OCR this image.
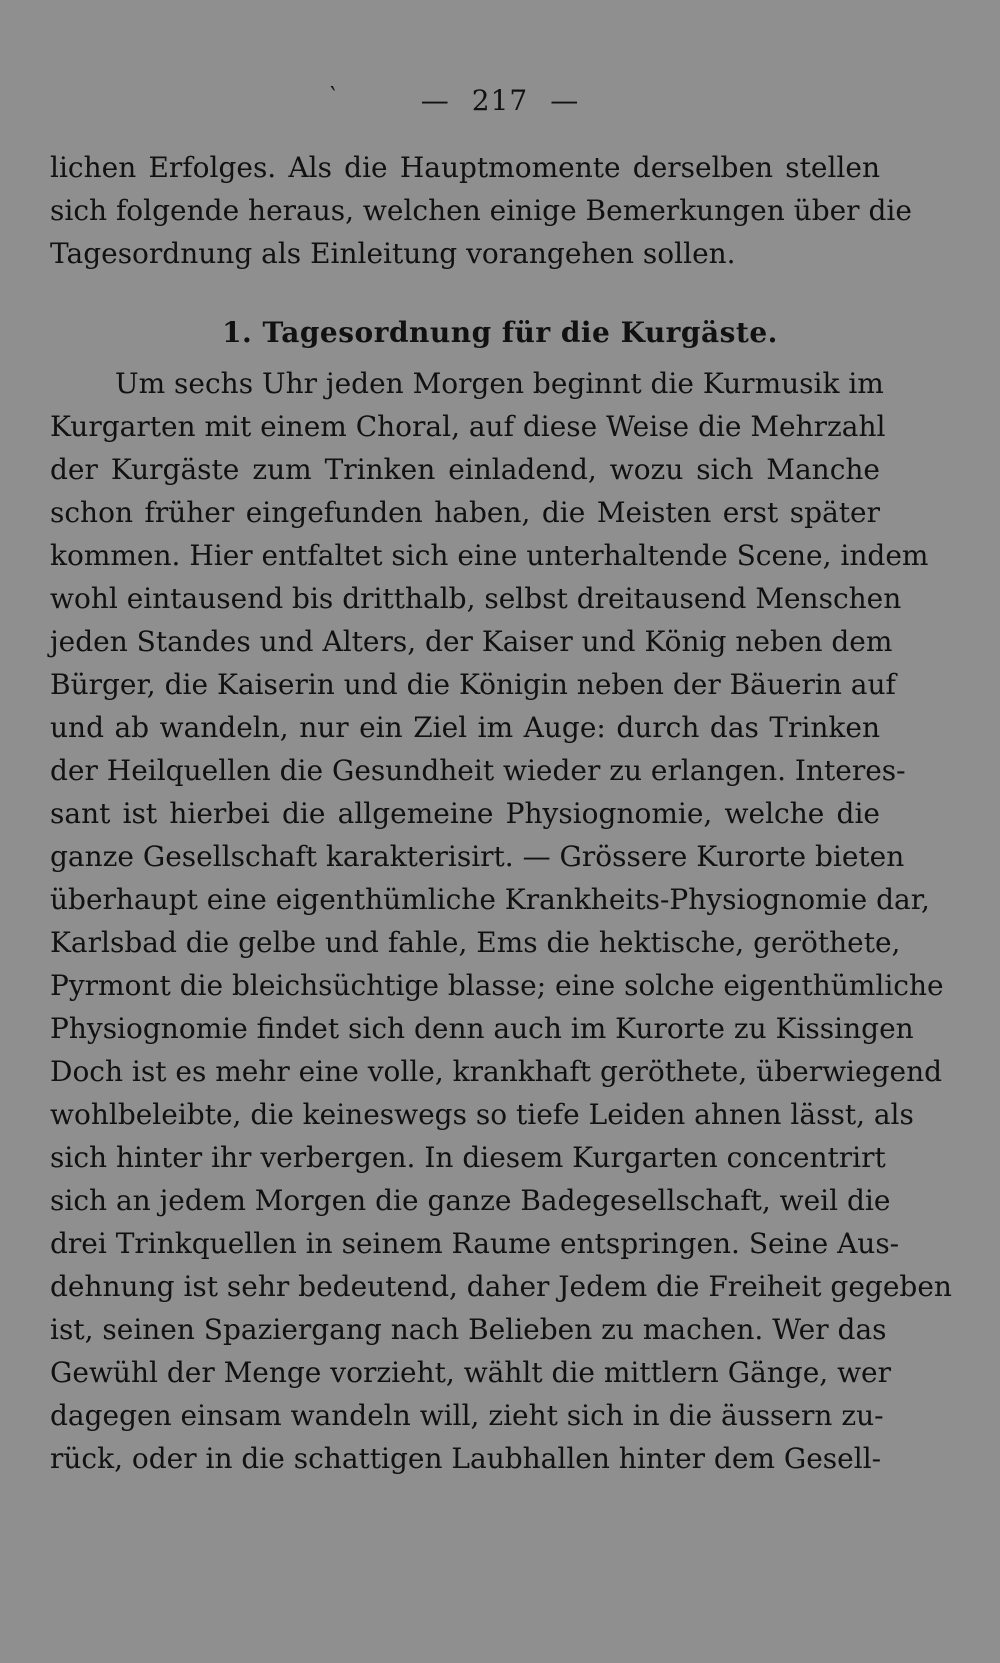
‵	— 217 —
lichen Erfolges. Als die Hauptmomente derselben stellen
sich folgende heraus, welchen einige Bemerkungen über die
Tagesordnung als Einleitung vorangehen sollen.
1. Tagesordnung für die Kurgäste.
Um sechs Uhr jeden Morgen beginnt die Kurmusik im
Kurgarten mit einem Choral, auf diese Weise die Mehrzahl
der Kurgäste zum Trinken einladend, wozu sich Manche
schon früher eingefunden haben, die Meisten erst später
kommen. Hier entfaltet sich eine unterhaltende Scene, indem
wohl eintausend bis dritthalb, selbst dreitausend Menschen
jeden Standes und Alters, der Kaiser und König neben dem
Bürger, die Kaiserin und die Königin neben der Bäuerin auf
und ab wandeln, nur ein Ziel im Auge: durch das Trinken
der Heilquellen die Gesundheit wieder zu erlangen. Interes-
sant ist hierbei die allgemeine Physiognomie, welche die
ganze Gesellschaft karakterisirt. — Grössere Kurorte bieten
überhaupt eine eigenthümliche Krankheits-Physiognomie dar,
Karlsbad die gelbe und fahle, Ems die hektische, geröthete,
Pyrmont die bleichsüchtige blasse; eine solche eigenthümliche
Physiognomie findet sich denn auch im Kurorte zu Kissingen
Doch ist es mehr eine volle, krankhaft geröthete, überwiegend
wohlbeleibte, die keineswegs so tiefe Leiden ahnen lässt, als
sich hinter ihr verbergen. In diesem Kurgarten concentrirt
sich an jedem Morgen die ganze Badegesellschaft, weil die
drei Trinkquellen in seinem Raume entspringen. Seine Aus-
dehnung ist sehr bedeutend, daher Jedem die Freiheit gegeben
ist, seinen Spaziergang nach Belieben zu machen. Wer das
Gewühl der Menge vorzieht, wählt die mittlern Gänge, wer
dagegen einsam wandeln will, zieht sich in die äussern zu-
rück, oder in die schattigen Laubhallen hinter dem Gesell-
